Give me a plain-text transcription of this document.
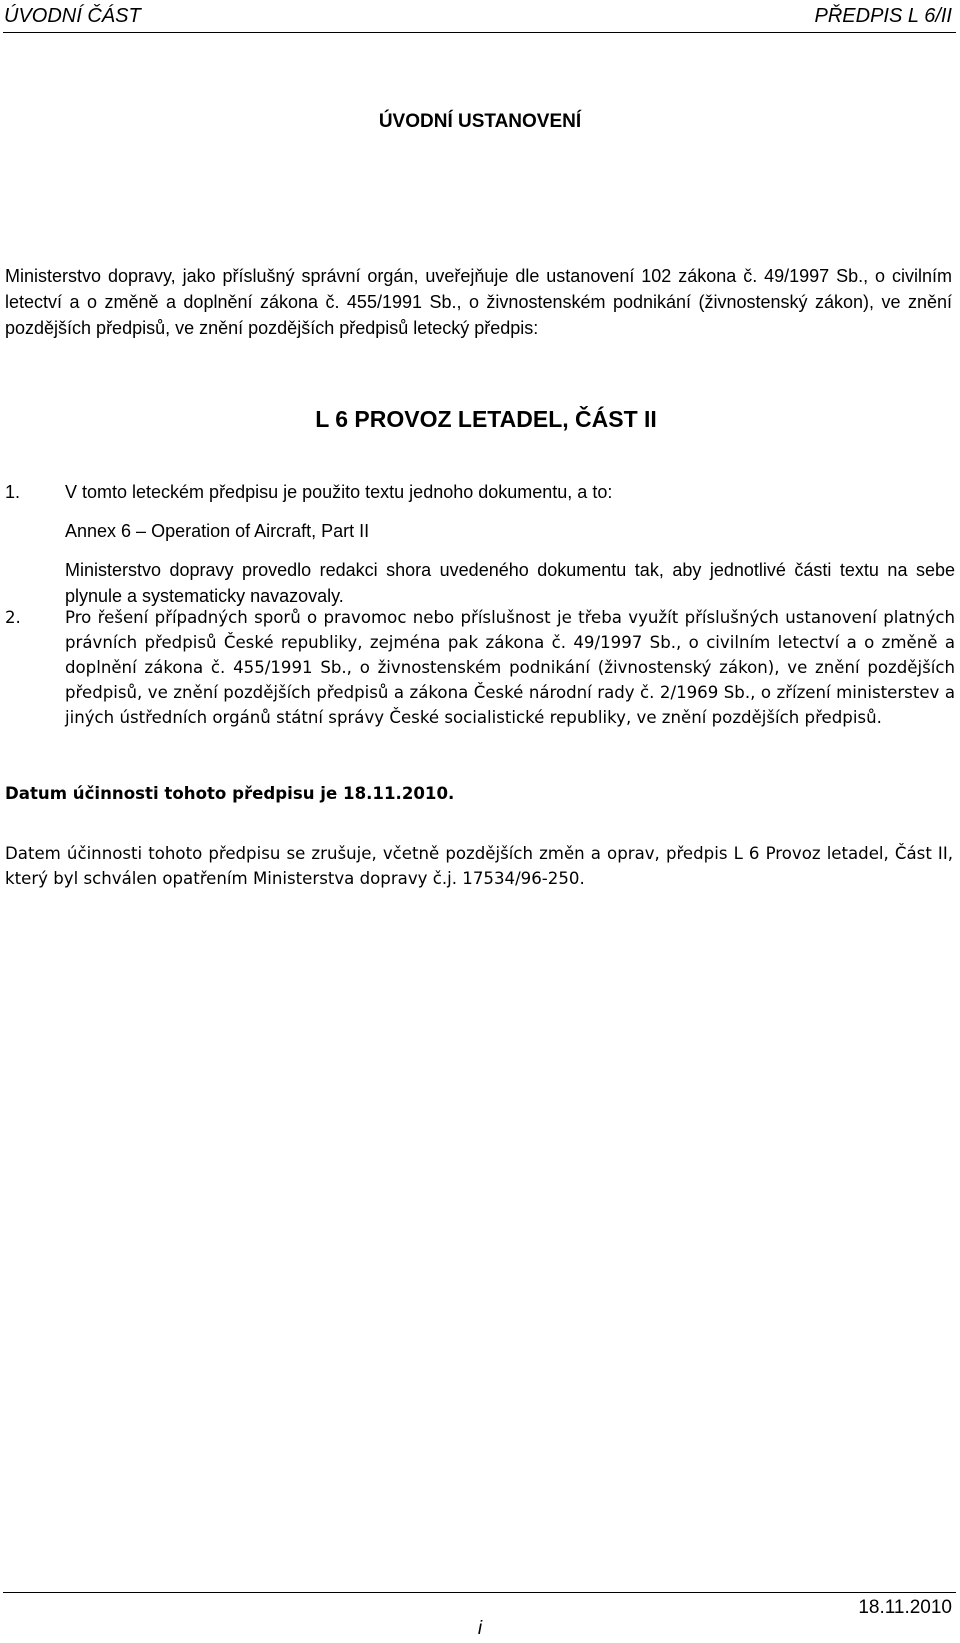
ÚVODNÍ ČÁST	PŘEDPIS L 6/II
ÚVODNÍ USTANOVENÍ

Ministerstvo dopravy, jako příslušný správní orgán, uveřejňuje dle ustanovení 102 zákona č. 49/1997 Sb., o civilním letectví a o změně a doplnění zákona č. 455/1991 Sb., o živnostenském podnikání (živnostenský zákon), ve znění pozdějších předpisů, ve znění pozdějších předpisů letecký předpis:

L 6 PROVOZ LETADEL, ČÁST II
1. V tomto leteckém předpisu je použito textu jednoho dokumentu, a to:

Annex 6 – Operation of Aircraft, Part II

Ministerstvo dopravy provedlo redakci shora uvedeného dokumentu tak, aby jednotlivé části textu na sebe plynule a systematicky navazovaly.

2.	Pro řešení případných sporů o pravomoc nebo příslušnost je třeba využít příslušných ustanovení platných právních předpisů České republiky, zejména pak zákona č. 49/1997 Sb., o civilním letectví a o změně a doplnění zákona č. 455/1991 Sb., o živnostenském podnikání (živnostenský zákon), ve znění pozdějších předpisů, ve znění pozdějších předpisů a zákona České národní rady č. 2/1969 Sb., o zřízení ministerstev a jiných ústředních orgánů státní správy České socialistické republiky, ve znění pozdějších předpisů.
Datum účinnosti tohoto předpisu je 18.11.2010.
Datem účinnosti tohoto předpisu se zrušuje, včetně pozdějších změn a oprav, předpis L 6 Provoz letadel, Část II, který byl schválen opatřením Ministerstva dopravy č.j. 17534/96-250.
18.11.2010
i
